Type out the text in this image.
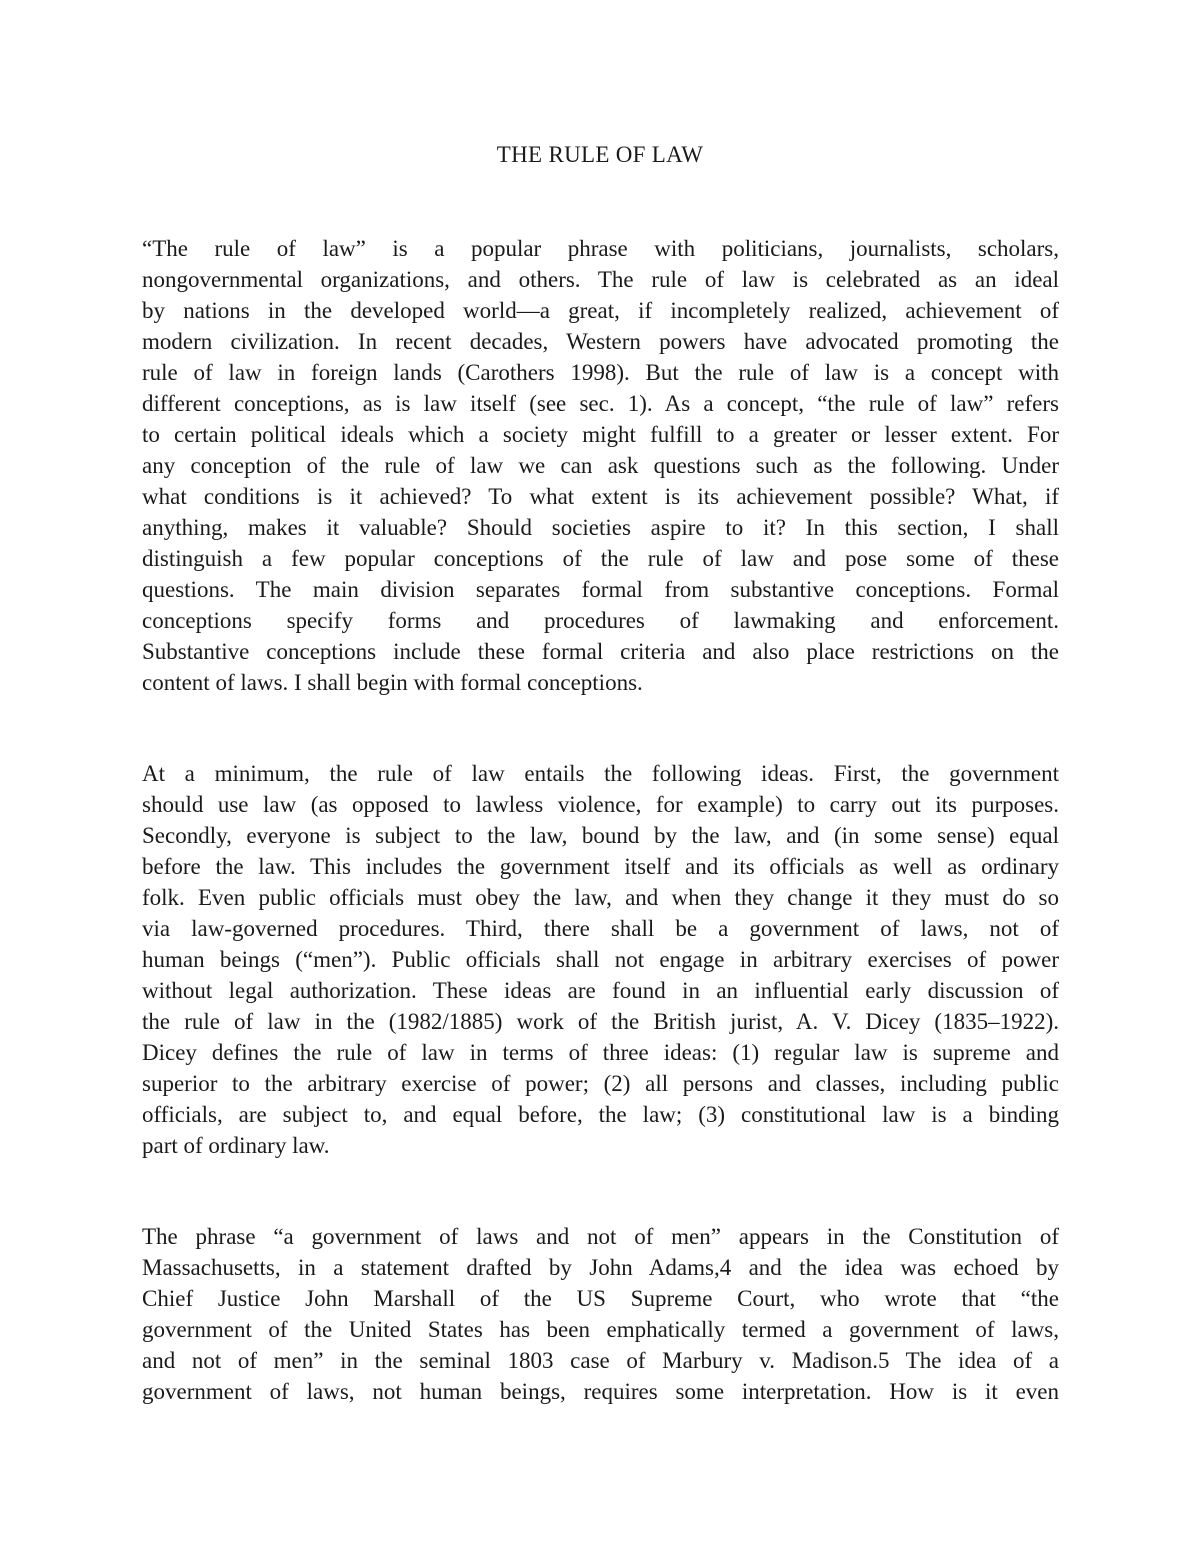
THE RULE OF LAW
“The rule of law” is a popular phrase with politicians, journalists, scholars,
nongovernmental organizations, and others. The rule of law is celebrated as an ideal
by nations in the developed world—a great, if incompletely realized, achievement of
modern civilization. In recent decades, Western powers have advocated promoting the
rule of law in foreign lands (Carothers 1998). But the rule of law is a concept with
different conceptions, as is law itself (see sec. 1). As a concept, “the rule of law” refers
to certain political ideals which a society might fulfill to a greater or lesser extent. For
any conception of the rule of law we can ask questions such as the following. Under
what conditions is it achieved? To what extent is its achievement possible? What, if
anything, makes it valuable? Should societies aspire to it? In this section, I shall
distinguish a few popular conceptions of the rule of law and pose some of these
questions. The main division separates formal from substantive conceptions. Formal
conceptions specify forms and procedures of lawmaking and enforcement.
Substantive conceptions include these formal criteria and also place restrictions on the
content of laws. I shall begin with formal conceptions.
At a minimum, the rule of law entails the following ideas. First, the government
should use law (as opposed to lawless violence, for example) to carry out its purposes.
Secondly, everyone is subject to the law, bound by the law, and (in some sense) equal
before the law. This includes the government itself and its officials as well as ordinary
folk. Even public officials must obey the law, and when they change it they must do so
via law-governed procedures. Third, there shall be a government of laws, not of
human beings (“men”). Public officials shall not engage in arbitrary exercises of power
without legal authorization. These ideas are found in an influential early discussion of
the rule of law in the (1982/1885) work of the British jurist, A. V. Dicey (1835–1922).
Dicey defines the rule of law in terms of three ideas: (1) regular law is supreme and
superior to the arbitrary exercise of power; (2) all persons and classes, including public
officials, are subject to, and equal before, the law; (3) constitutional law is a binding
part of ordinary law.
The phrase “a government of laws and not of men” appears in the Constitution of
Massachusetts, in a statement drafted by John Adams,4 and the idea was echoed by
Chief Justice John Marshall of the US Supreme Court, who wrote that “the
government of the United States has been emphatically termed a government of laws,
and not of men” in the seminal 1803 case of Marbury v. Madison.5 The idea of a
government of laws, not human beings, requires some interpretation. How is it even
